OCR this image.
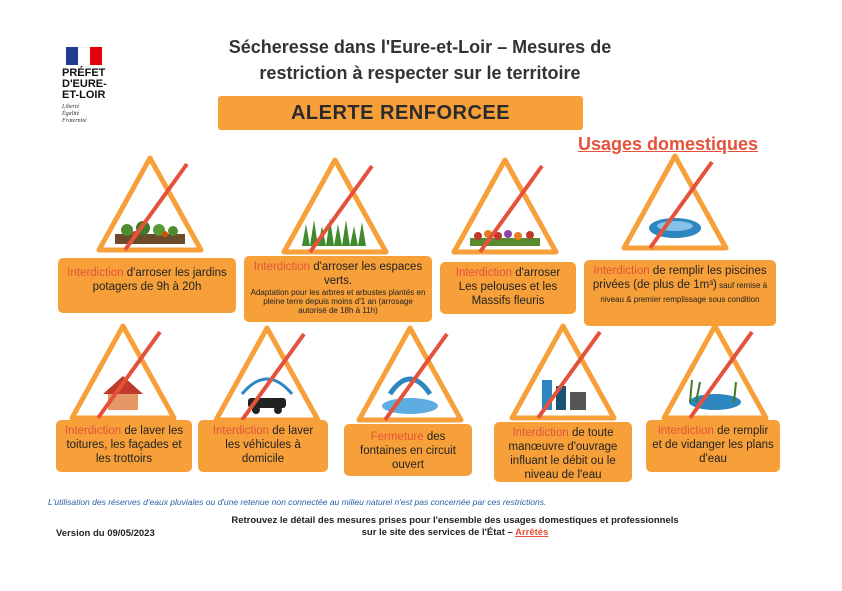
PRÉFET
D'EURE-
ET-LOIR
Liberté
Égalité
Fraternité
Sécheresse dans l'Eure-et-Loir – Mesures de
restriction à respecter sur le territoire
ALERTE RENFORCEE
Usages domestiques
Interdiction d'arroser les jardins potagers de 9h à 20h
Interdiction d'arroser les espaces verts.
Adaptation pour les arbres et arbustes plantés en pleine terre depuis moins d'1 an (arrosage autorisé de 18h à 11h)
Interdiction d'arroser Les pelouses et les Massifs fleuris
Interdiction de remplir les piscines privées (de plus de 1m³) sauf remise à niveau & premier remplissage sous condition
Interdiction de laver les toitures, les façades et les trottoirs
Interdiction de laver les véhicules à domicile
Fermeture des fontaines en circuit ouvert
Interdiction de toute manœuvre d'ouvrage influant le débit ou le niveau de l'eau
Interdiction de remplir et de vidanger les plans d'eau
L'utilisation des réserves d'eaux pluviales ou d'une retenue non connectée au milieu naturel n'est pas concernée par ces restrictions.
Retrouvez le détail des mesures prises pour l'ensemble des usages domestiques et professionnels
sur le site des services de l'État – Arrêtés
Version du 09/05/2023
